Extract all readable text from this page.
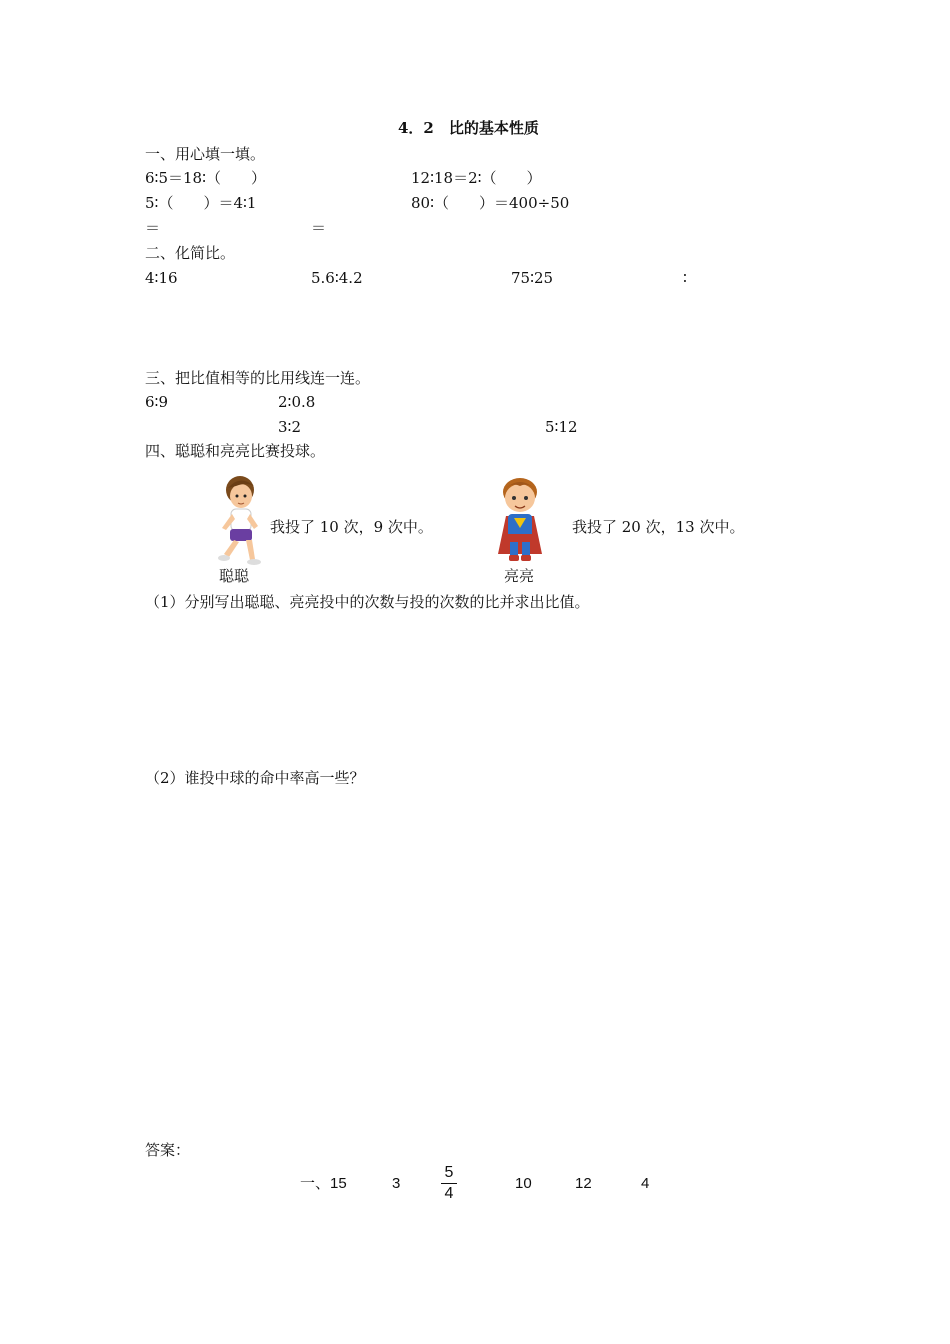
4．2　比的基本性质
一、用心填一填。
6∶5＝18∶（　　）	12∶18＝2∶（　　）
5∶（　　）＝4∶1	80∶（　　）＝400÷50
＝	＝
二、化简比。
4∶16	5.6∶4.2	75∶25	∶
三、把比值相等的比用线连一连。
6∶9	2∶0.8
3∶2	5∶12
四、聪聪和亮亮比赛投球。
我投了 10 次，9 次中。
聪聪
我投了 20 次，13 次中。
亮亮
（1）分别写出聪聪、亮亮投中的次数与投的次数的比并求出比值。
（2）谁投中球的命中率高一些？
答案：
一、15	3
5
4
10	12	4
